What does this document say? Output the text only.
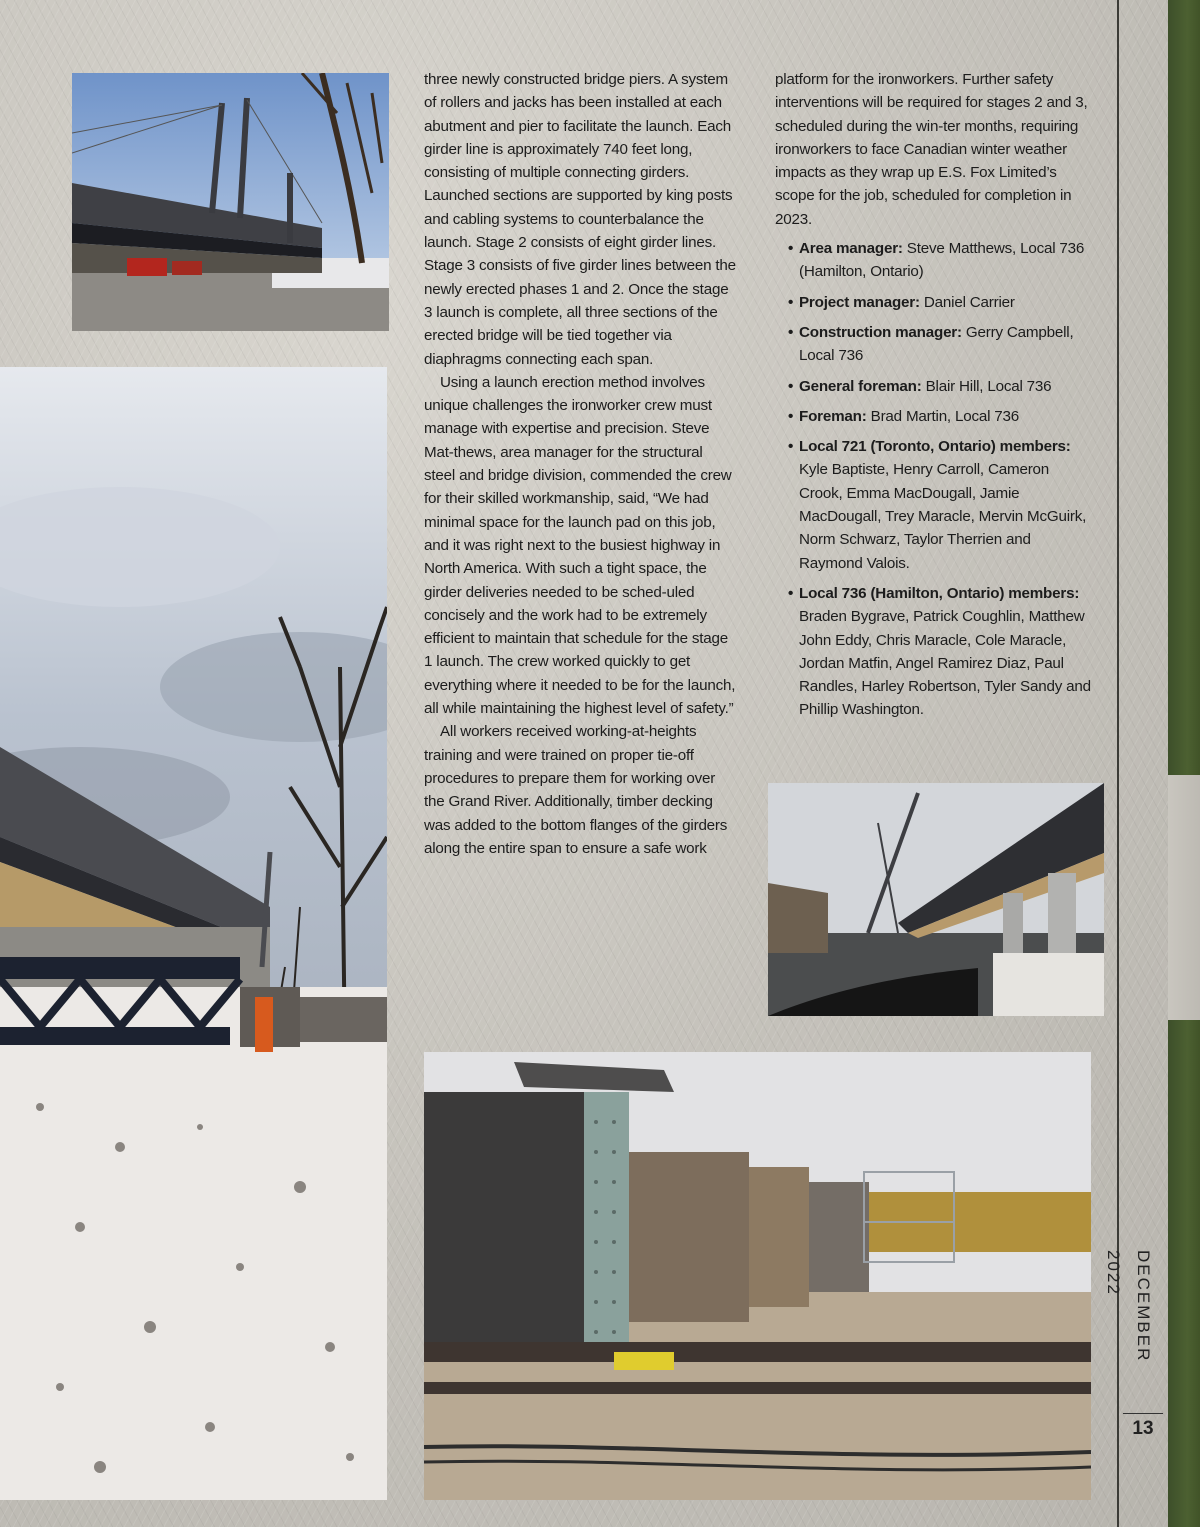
three newly constructed bridge piers. A system of rollers and jacks has been installed at each abutment and pier to facilitate the launch. Each girder line is approximately 740 feet long, consisting of multiple connecting girders. Launched sections are supported by king posts and cabling systems to counterbalance the launch. Stage 2 consists of eight girder lines. Stage 3 consists of five girder lines between the newly erected phases 1 and 2. Once the stage 3 launch is complete, all three sections of the erected bridge will be tied together via diaphragms connecting each span.

Using a launch erection method involves unique challenges the ironworker crew must manage with expertise and precision. Steve Mat-thews, area manager for the structural steel and bridge division, commended the crew for their skilled workmanship, said, “We had minimal space for the launch pad on this job, and it was right next to the busiest highway in North America. With such a tight space, the girder deliveries needed to be sched-uled concisely and the work had to be extremely efficient to maintain that schedule for the stage 1 launch. The crew worked quickly to get everything where it needed to be for the launch, all while maintaining the highest level of safety.”

All workers received working-at-heights training and were trained on proper tie-off procedures to prepare them for working over the Grand River. Additionally, timber decking was added to the bottom flanges of the girders along the entire span to ensure a safe work

platform for the ironworkers. Further safety interventions will be required for stages 2 and 3, scheduled during the win-ter months, requiring ironworkers to face Canadian winter weather impacts as they wrap up E.S. Fox Limited’s scope for the job, scheduled for completion in 2023.

• Area manager: Steve Matthews, Local 736 (Hamilton, Ontario)
• Project manager: Daniel Carrier
• Construction manager: Gerry Campbell, Local 736
• General foreman: Blair Hill, Local 736
• Foreman: Brad Martin, Local 736
• Local 721 (Toronto, Ontario) members: Kyle Baptiste, Henry Carroll, Cameron Crook, Emma MacDougall, Jamie MacDougall, Trey Maracle, Mervin McGuirk, Norm Schwarz, Taylor Therrien and Raymond Valois.
• Local 736 (Hamilton, Ontario) members: Braden Bygrave, Patrick Coughlin, Matthew John Eddy, Chris Maracle, Cole Maracle, Jordan Matfin, Angel Ramirez Diaz, Paul Randles, Harley Robertson, Tyler Sandy and Phillip Washington.
DECEMBER 2022
13
